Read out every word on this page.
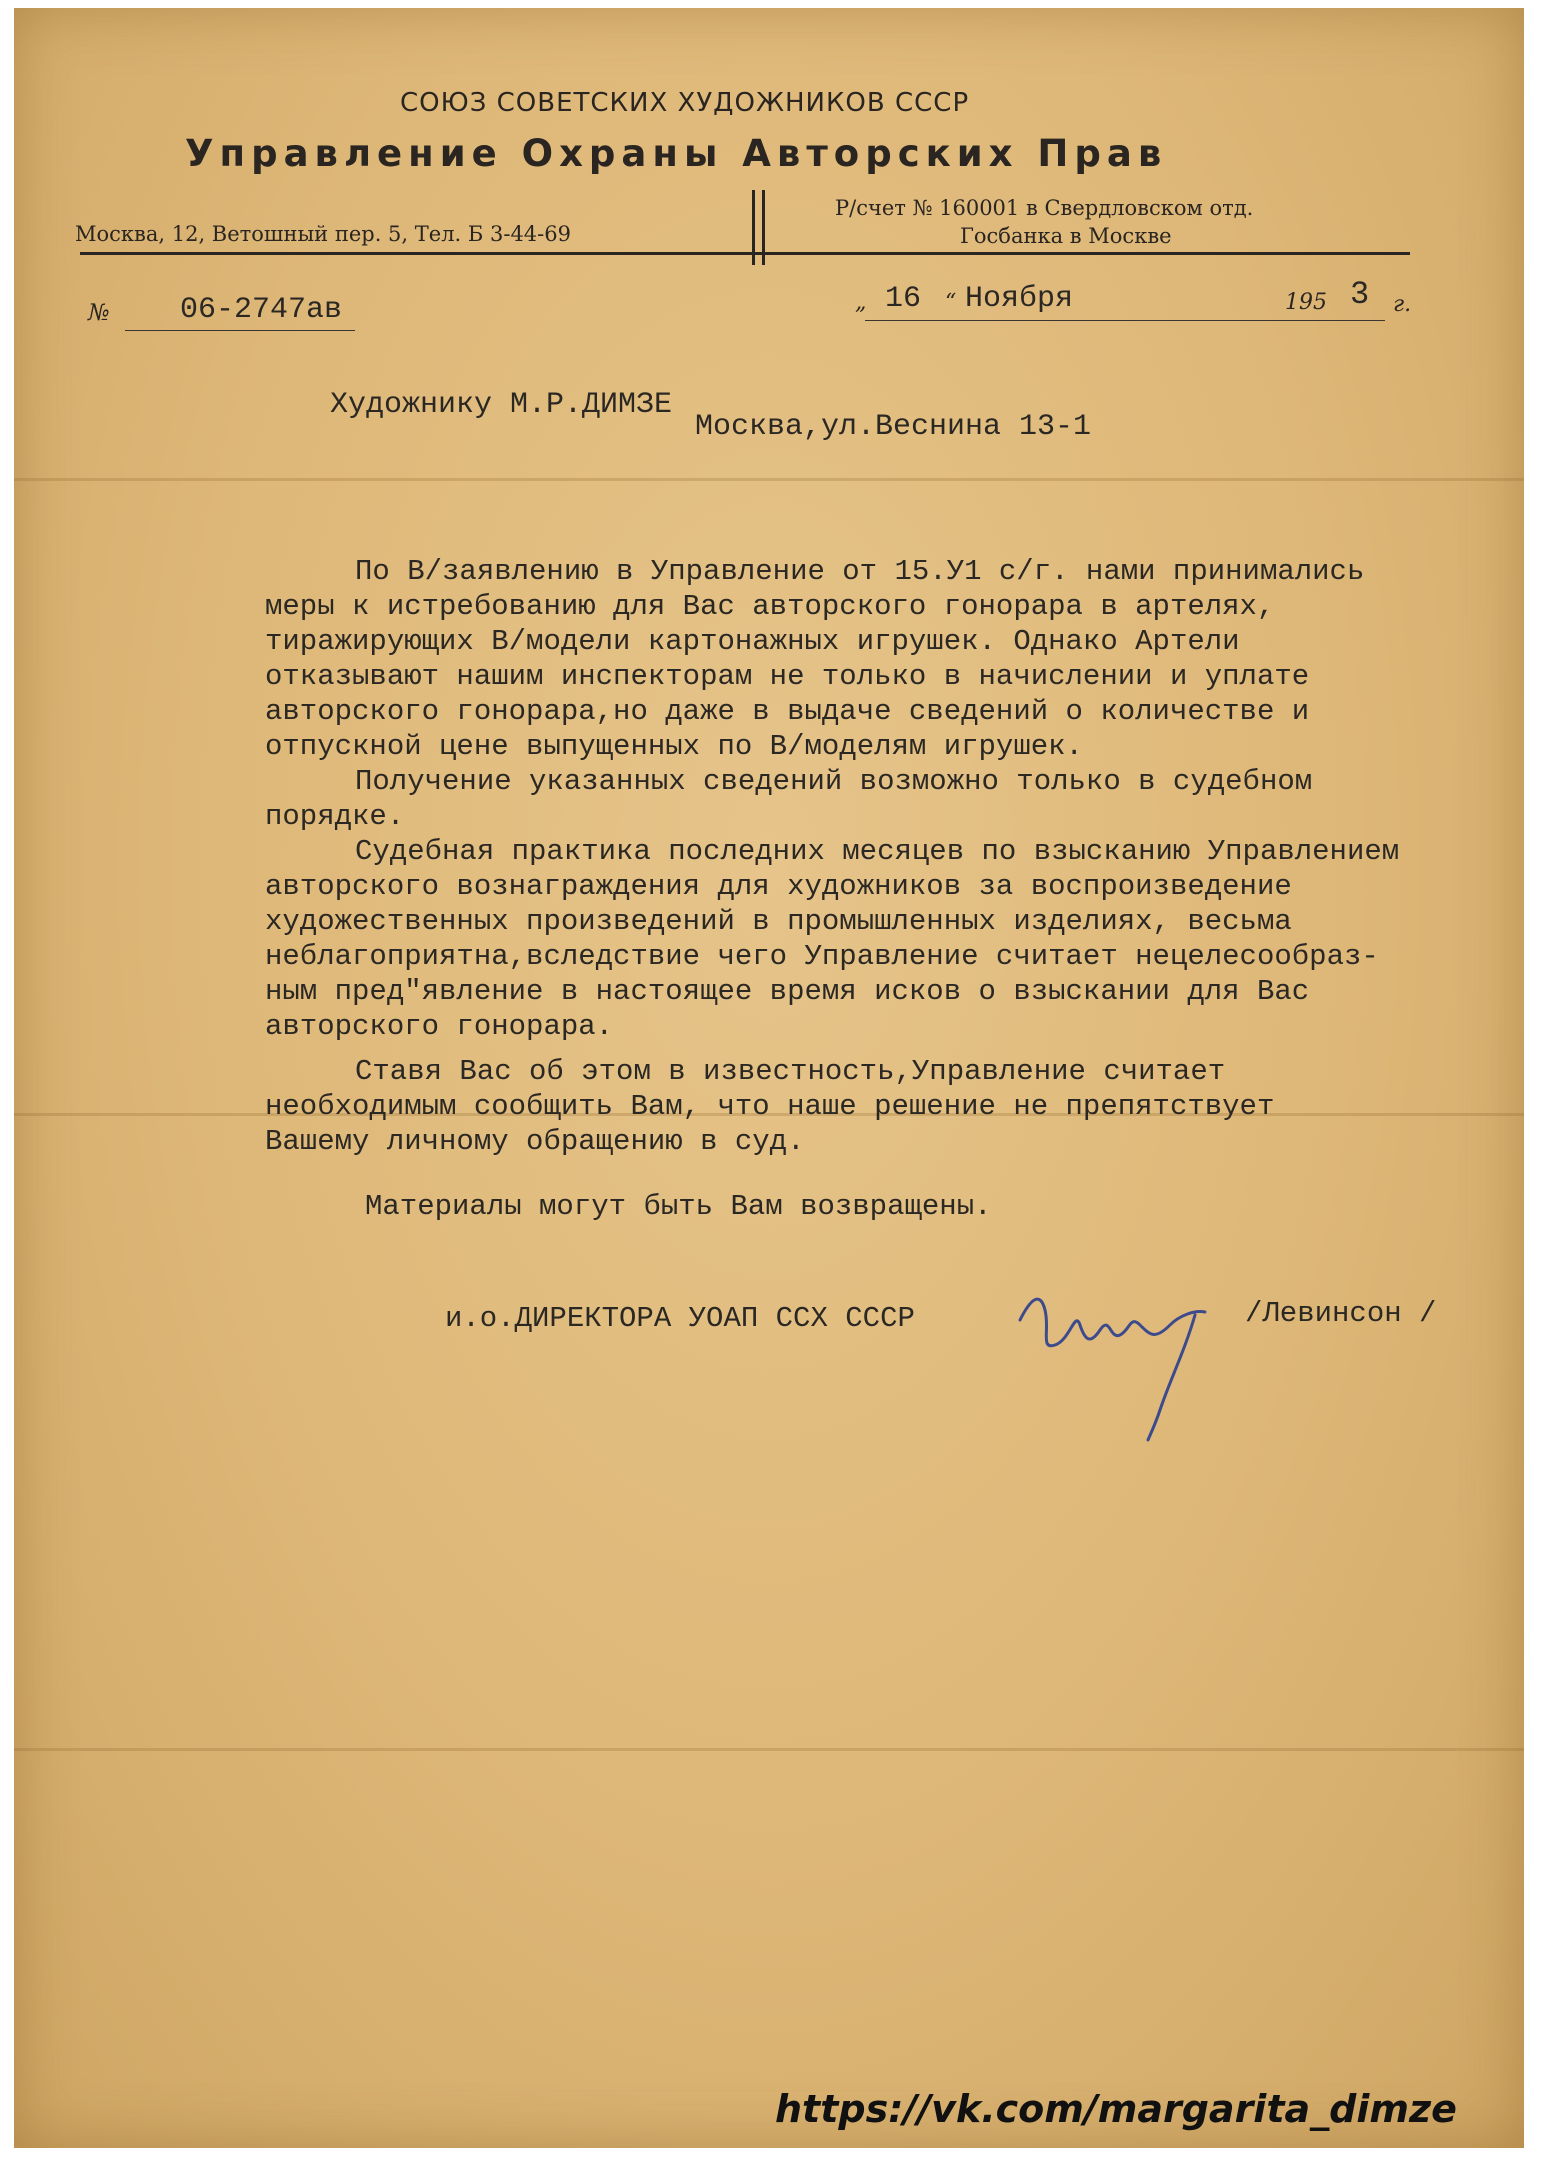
СОЮЗ СОВЕТСКИХ ХУДОЖНИКОВ СССР
Управление Охраны Авторских Прав
Москва, 12, Ветошный пер. 5, Тел. Б 3-44-69
Р/счет № 160001 в Свердловском отд.
Госбанка в Москве
№ 06-2747ав	„ 16 “ Ноября	195 3 г.
Художнику М.Р.ДИМЗЕ
Москва,ул.Веснина 13-1
По В/заявлению в Управление от 15.У1 с/г. нами принимались
меры к истребованию для Вас авторского гонорара в артелях,
тиражирующих В/модели картонажных игрушек. Однако Артели
отказывают нашим инспекторам не только в начислении и уплате
авторского гонорара,но даже в выдаче сведений о количестве и
отпускной цене выпущенных по В/моделям игрушек.
Получение указанных сведений возможно только в судебном
порядке.
Судебная практика последних месяцев по взысканию Управлением
авторского вознаграждения для художников за воспроизведение
художественных произведений в промышленных изделиях, весьма
неблагоприятна,вследствие чего Управление считает нецелесообраз-
ным пред"явление в настоящее время исков о взыскании для Вас
авторского гонорара.
Ставя Вас об этом в известность,Управление считает
необходимым сообщить Вам, что наше решение не препятствует
Вашему личному обращению в суд.
Материалы могут быть Вам возвращены.
и.о.ДИРЕКТОРА УОАП ССХ СССР	/Левинсон /
https://vk.com/margarita_dimze
